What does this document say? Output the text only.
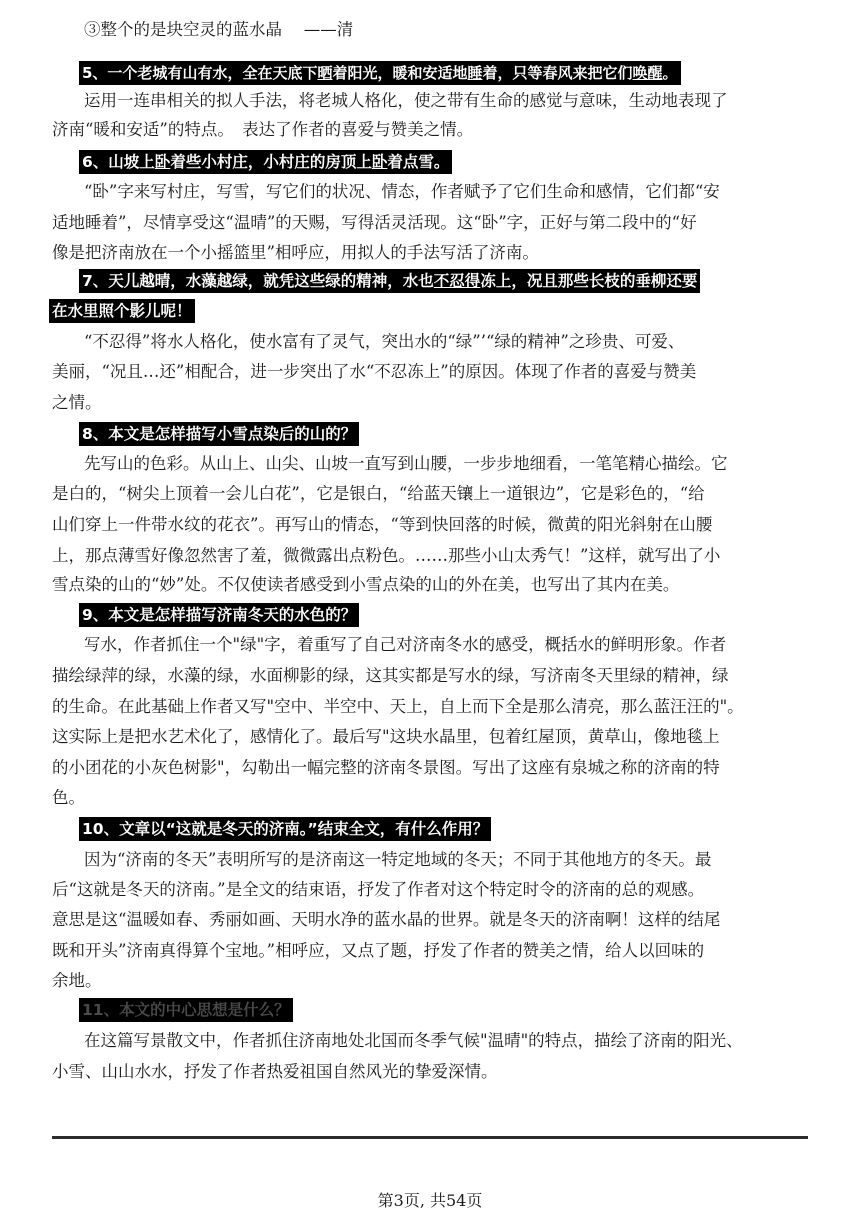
③整个的是块空灵的蓝水晶　 ——清
5、一个老城有山有水，全在天底下晒着阳光，暖和安适地睡着，只等春风来把它们唤醒。
运用一连串相关的拟人手法，将老城人格化，使之带有生命的感觉与意味，生动地表现了
济南“暖和安适”的特点。　表达了作者的喜爱与赞美之情。
6、山坡上卧着些小村庄，小村庄的房顶上卧着点雪。
“卧”字来写村庄，写雪，写它们的状况、情态，作者赋予了它们生命和感情，它们都“安
适地睡着”，尽情享受这“温晴”的天赐，写得活灵活现。这“卧”字，正好与第二段中的“好
像是把济南放在一个小摇篮里”相呼应，用拟人的手法写活了济南。
7、天儿越晴，水藻越绿，就凭这些绿的精神，水也不忍得冻上，况且那些长枝的垂柳还要
在水里照个影儿呢！
“不忍得”将水人格化，使水富有了灵气，突出水的“绿”’“绿的精神”之珍贵、可爱、
美丽，“况且…还”相配合，进一步突出了水“不忍冻上”的原因。体现了作者的喜爱与赞美
之情。
8、本文是怎样描写小雪点染后的山的？
先写山的色彩。从山上、山尖、山坡一直写到山腰，一步步地细看，一笔笔精心描绘。它
是白的，“树尖上顶着一会儿白花”，它是银白，“给蓝天镶上一道银边”，它是彩色的，“给
山们穿上一件带水纹的花衣”。再写山的情态，“等到快回落的时候，微黄的阳光斜射在山腰
上，那点薄雪好像忽然害了羞，微微露出点粉色。……那些小山太秀气！”这样，就写出了小
雪点染的山的“妙”处。不仅使读者感受到小雪点染的山的外在美，也写出了其内在美。
9、本文是怎样描写济南冬天的水色的？
写水，作者抓住一个"绿"字，着重写了自己对济南冬水的感受，概括水的鲜明形象。作者
描绘绿萍的绿，水藻的绿，水面柳影的绿，这其实都是写水的绿，写济南冬天里绿的精神，绿
的生命。在此基础上作者又写"空中、半空中、天上，自上而下全是那么清亮，那么蓝汪汪的"。
这实际上是把水艺术化了，感情化了。最后写"这块水晶里，包着红屋顶，黄草山，像地毯上
的小团花的小灰色树影"，勾勒出一幅完整的济南冬景图。写出了这座有泉城之称的济南的特
色。
10、文章以“这就是冬天的济南。”结束全文，有什么作用？
因为“济南的冬天”表明所写的是济南这一特定地域的冬天；不同于其他地方的冬天。最
后“这就是冬天的济南。”是全文的结束语，抒发了作者对这个特定时令的济南的总的观感。
意思是这“温暖如春、秀丽如画、天明水净的蓝水晶的世界。就是冬天的济南啊！这样的结尾
既和开头”济南真得算个宝地。”相呼应，又点了题，抒发了作者的赞美之情，给人以回味的
余地。
11、本文的中心思想是什么？
在这篇写景散文中，作者抓住济南地处北国而冬季气候"温晴"的特点，描绘了济南的阳光、
小雪、山山水水，抒发了作者热爱祖国自然风光的挚爱深情。
第3页, 共54页
